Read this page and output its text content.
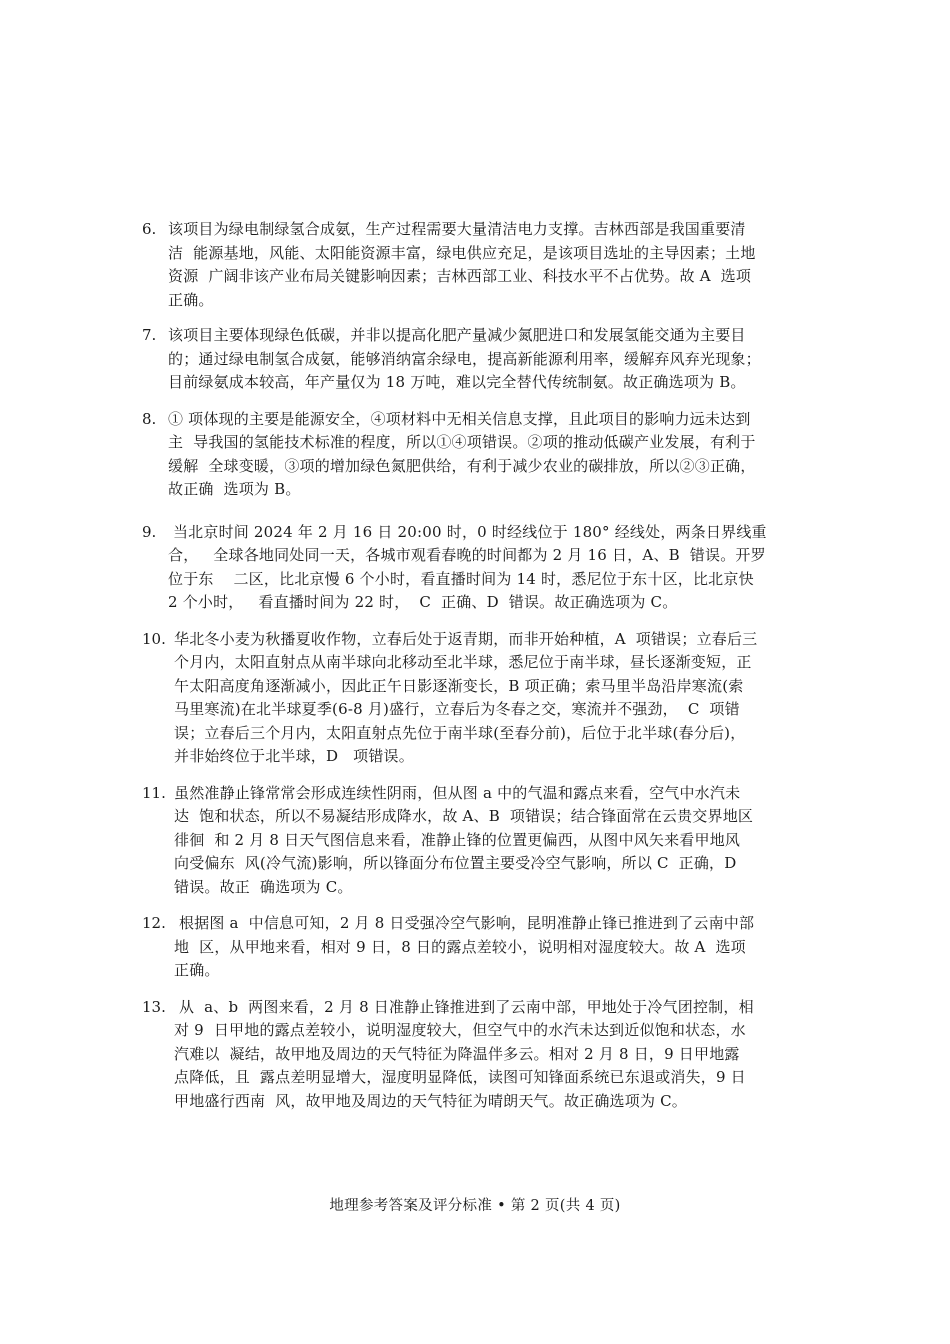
6. 该项目为绿电制绿氢合成氨，生产过程需要大量清洁电力支撑。吉林西部是我国重要清
洁  能源基地，风能、太阳能资源丰富，绿电供应充足，是该项目选址的主导因素；土地
资源  广阔非该产业布局关键影响因素；吉林西部工业、科技水平不占优势。故 A  选项
正确。
7. 该项目主要体现绿色低碳，并非以提高化肥产量减少氮肥进口和发展氢能交通为主要目
的；通过绿电制氢合成氨，能够消纳富余绿电，提高新能源利用率，缓解弃风弃光现象；
目前绿氨成本较高，年产量仅为 18 万吨，难以完全替代传统制氨。故正确选项为 B。
8. ① 项体现的主要是能源安全，④项材料中无相关信息支撑，且此项目的影响力远未达到
主  导我国的氢能技术标准的程度，所以①④项错误。②项的推动低碳产业发展，有利于
缓解  全球变暖，③项的增加绿色氮肥供给，有利于减少农业的碳排放，所以②③正确，
故正确  选项为 B。
9. 当北京时间 2024 年 2 月 16 日 20:00 时，0 时经线位于 180° 经线处，两条日界线重
合，   全球各地同处同一天，各城市观看春晚的时间都为 2 月 16 日，A、B  错误。开罗
位于东    二区，比北京慢 6 个小时，看直播时间为 14 时，悉尼位于东十区，比北京快
2 个小时，   看直播时间为 22 时，  C  正确、D  错误。故正确选项为 C。
10. 华北冬小麦为秋播夏收作物，立春后处于返青期，而非开始种植，A  项错误；立春后三
个月内，太阳直射点从南半球向北移动至北半球，悉尼位于南半球，昼长逐渐变短，正
午太阳高度角逐渐减小，因此正午日影逐渐变长，B 项正确；索马里半岛沿岸寒流(索
马里寒流)在北半球夏季(6-8 月)盛行，立春后为冬春之交，寒流并不强劲，  C  项错
误；立春后三个月内，太阳直射点先位于南半球(至春分前)，后位于北半球(春分后)，
并非始终位于北半球，D   项错误。
11. 虽然准静止锋常常会形成连续性阴雨，但从图 a 中的气温和露点来看，空气中水汽未
达  饱和状态，所以不易凝结形成降水，故 A、B  项错误；结合锋面常在云贵交界地区
徘徊  和 2 月 8 日天气图信息来看，准静止锋的位置更偏西，从图中风矢来看甲地风
向受偏东  风(冷气流)影响，所以锋面分布位置主要受冷空气影响，所以 C  正确，D
错误。故正  确选项为 C。
12. 根据图 a  中信息可知，2 月 8 日受强冷空气影响，昆明准静止锋已推进到了云南中部
地  区，从甲地来看，相对 9 日，8 日的露点差较小，说明相对湿度较大。故 A  选项
正确。
13. 从  a、b  两图来看，2 月 8 日准静止锋推进到了云南中部，甲地处于冷气团控制，相
对 9  日甲地的露点差较小，说明湿度较大，但空气中的水汽未达到近似饱和状态，水
汽难以  凝结，故甲地及周边的天气特征为降温伴多云。相对 2 月 8 日，9 日甲地露
点降低，且  露点差明显增大，湿度明显降低，读图可知锋面系统已东退或消失，9 日
甲地盛行西南  风，故甲地及周边的天气特征为晴朗天气。故正确选项为 C。
地理参考答案及评分标准 • 第 2 页(共 4 页)
